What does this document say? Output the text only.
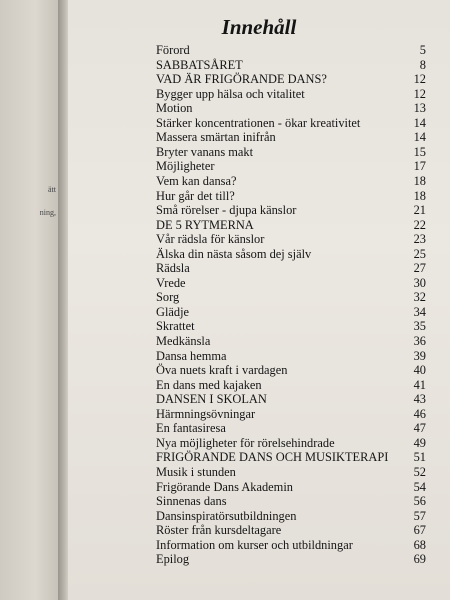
ätt
ning,
Innehåll
Förord	5
SABBATSÅRET	8
VAD ÄR FRIGÖRANDE DANS?	12
Bygger upp hälsa och vitalitet	12
Motion	13
Stärker koncentrationen - ökar kreativitet	14
Massera smärtan inifrån	14
Bryter vanans makt	15
Möjligheter	17
Vem kan dansa?	18
Hur går det till?	18
Små rörelser - djupa känslor	21
DE 5 RYTMERNA	22
Vår rädsla för känslor	23
Älska din nästa såsom dej själv	25
Rädsla	27
Vrede	30
Sorg	32
Glädje	34
Skrattet	35
Medkänsla	36
Dansa hemma	39
Öva nuets kraft i vardagen	40
En dans med kajaken	41
DANSEN I SKOLAN	43
Härmningsövningar	46
En fantasiresa	47
Nya möjligheter för rörelsehindrade	49
FRIGÖRANDE DANS OCH MUSIKTERAPI 51
Musik i stunden	52
Frigörande Dans Akademin	54
Sinnenas dans	56
Dansinspiratörsutbildningen	57
Röster från kursdeltagare	67
Information om kurser och utbildningar	68
Epilog	69
